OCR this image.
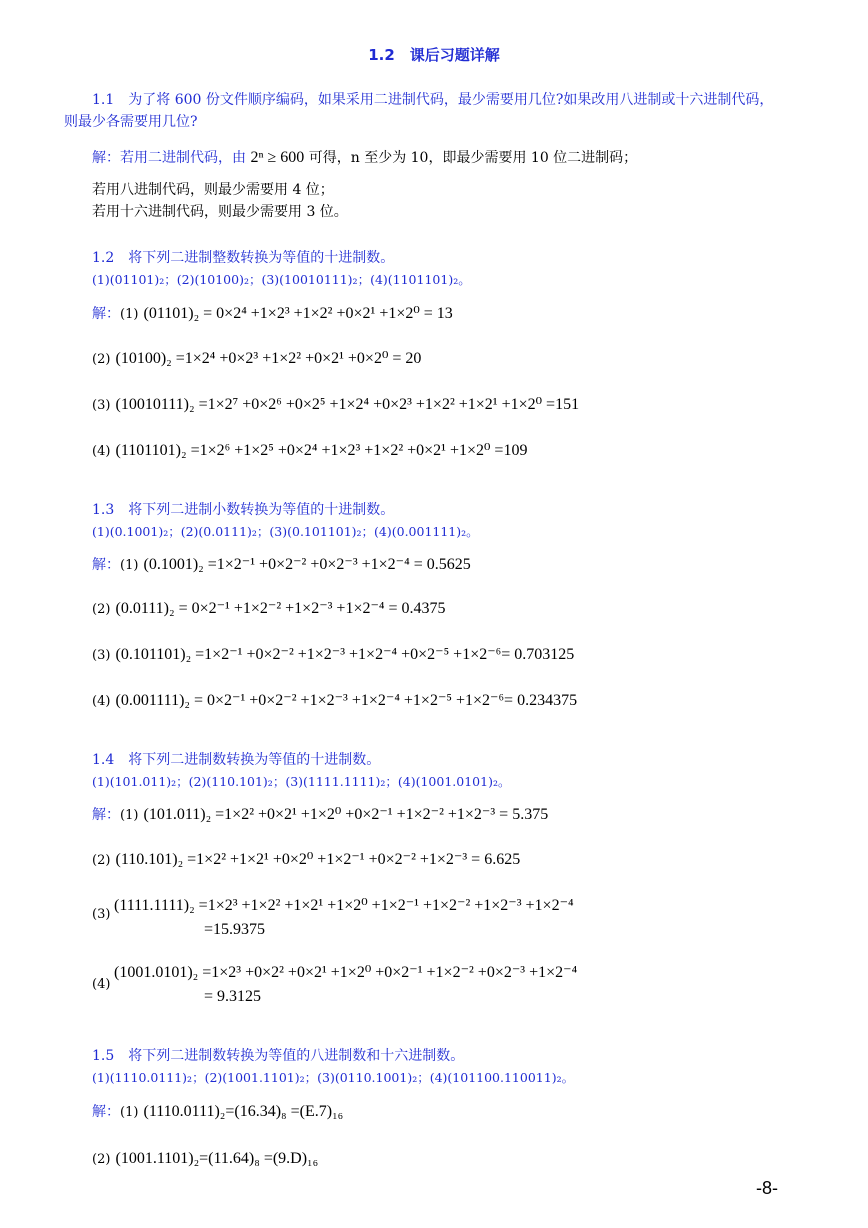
1.2　课后习题详解
1.1　为了将 600 份文件顺序编码，如果采用二进制代码，最少需要用几位?如果改用八进制或十六进制代码，
则最少各需要用几位?
解：若用二进制代码，由 2ⁿ ≥ 600 可得，n 至少为 10，即最少需要用 10 位二进制码；
若用八进制代码，则最少需要用 4 位；
若用十六进制代码，则最少需要用 3 位。
1.2　将下列二进制整数转换为等值的十进制数。
(1)(01101)₂；(2)(10100)₂；(3)(10010111)₂；(4)(1101101)₂。
解：(1) (01101)₂ = 0×2⁴ +1×2³ +1×2² +0×2¹ +1×2⁰ = 13
(2) (10100)₂ =1×2⁴ +0×2³ +1×2² +0×2¹ +0×2⁰ = 20
(3) (10010111)₂ =1×2⁷ +0×2⁶ +0×2⁵ +1×2⁴ +0×2³ +1×2² +1×2¹ +1×2⁰ =151
(4) (1101101)₂ =1×2⁶ +1×2⁵ +0×2⁴ +1×2³ +1×2² +0×2¹ +1×2⁰ =109
1.3　将下列二进制小数转换为等值的十进制数。
(1)(0.1001)₂；(2)(0.0111)₂；(3)(0.101101)₂；(4)(0.001111)₂。
解：(1) (0.1001)₂ =1×2⁻¹ +0×2⁻² +0×2⁻³ +1×2⁻⁴ = 0.5625
(2) (0.0111)₂ = 0×2⁻¹ +1×2⁻² +1×2⁻³ +1×2⁻⁴ = 0.4375
(3) (0.101101)₂ =1×2⁻¹ +0×2⁻² +1×2⁻³ +1×2⁻⁴ +0×2⁻⁵ +1×2⁻⁶= 0.703125
(4) (0.001111)₂ = 0×2⁻¹ +0×2⁻² +1×2⁻³ +1×2⁻⁴ +1×2⁻⁵ +1×2⁻⁶= 0.234375
1.4　将下列二进制数转换为等值的十进制数。
(1)(101.011)₂；(2)(110.101)₂；(3)(1111.1111)₂；(4)(1001.0101)₂。
解：(1) (101.011)₂ =1×2² +0×2¹ +1×2⁰ +0×2⁻¹ +1×2⁻² +1×2⁻³ = 5.375
(2) (110.101)₂ =1×2² +1×2¹ +0×2⁰ +1×2⁻¹ +0×2⁻² +1×2⁻³ = 6.625
(3)
(1111.1111)₂ =1×2³ +1×2² +1×2¹ +1×2⁰ +1×2⁻¹ +1×2⁻² +1×2⁻³ +1×2⁻⁴
=15.9375
(4)
(1001.0101)₂ =1×2³ +0×2² +0×2¹ +1×2⁰ +0×2⁻¹ +1×2⁻² +0×2⁻³ +1×2⁻⁴
= 9.3125
1.5　将下列二进制数转换为等值的八进制数和十六进制数。
(1)(1110.0111)₂；(2)(1001.1101)₂；(3)(0110.1001)₂；(4)(101100.110011)₂。
解：(1) (1110.0111)₂=(16.34)₈ =(E.7)₁₆
(2) (1001.1101)₂=(11.64)₈ =(9.D)₁₆
-8-
